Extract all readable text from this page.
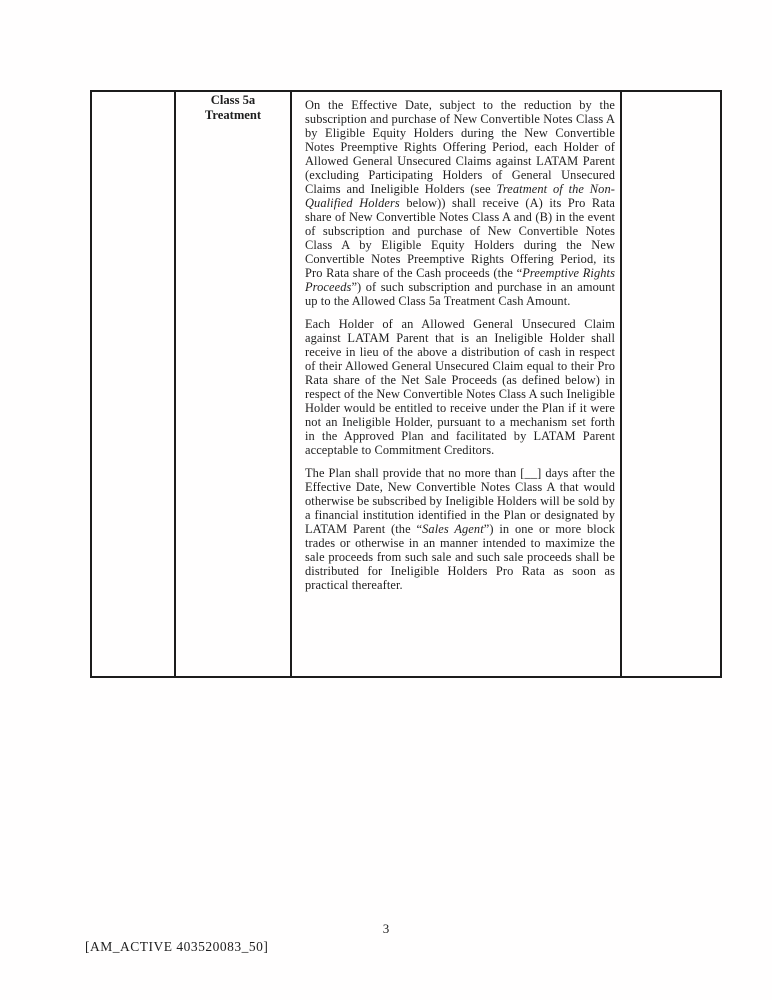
Class 5a Treatment

On the Effective Date, subject to the reduction by the subscription and purchase of New Convertible Notes Class A by Eligible Equity Holders during the New Convertible Notes Preemptive Rights Offering Period, each Holder of Allowed General Unsecured Claims against LATAM Parent (excluding Participating Holders of General Unsecured Claims and Ineligible Holders (see Treatment of the Non-Qualified Holders below)) shall receive (A) its Pro Rata share of New Convertible Notes Class A and (B) in the event of subscription and purchase of New Convertible Notes Class A by Eligible Equity Holders during the New Convertible Notes Preemptive Rights Offering Period, its Pro Rata share of the Cash proceeds (the “Preemptive Rights Proceeds”) of such subscription and purchase in an amount up to the Allowed Class 5a Treatment Cash Amount.

Each Holder of an Allowed General Unsecured Claim against LATAM Parent that is an Ineligible Holder shall receive in lieu of the above a distribution of cash in respect of their Allowed General Unsecured Claim equal to their Pro Rata share of the Net Sale Proceeds (as defined below) in respect of the New Convertible Notes Class A such Ineligible Holder would be entitled to receive under the Plan if it were not an Ineligible Holder, pursuant to a mechanism set forth in the Approved Plan and facilitated by LATAM Parent acceptable to Commitment Creditors.

The Plan shall provide that no more than [__] days after the Effective Date, New Convertible Notes Class A that would otherwise be subscribed by Ineligible Holders will be sold by a financial institution identified in the Plan or designated by LATAM Parent (the “Sales Agent”) in one or more block trades or otherwise in an manner intended to maximize the sale proceeds from such sale and such sale proceeds shall be distributed for Ineligible Holders Pro Rata as soon as practical thereafter.

3
[AM_ACTIVE 403520083_50]
